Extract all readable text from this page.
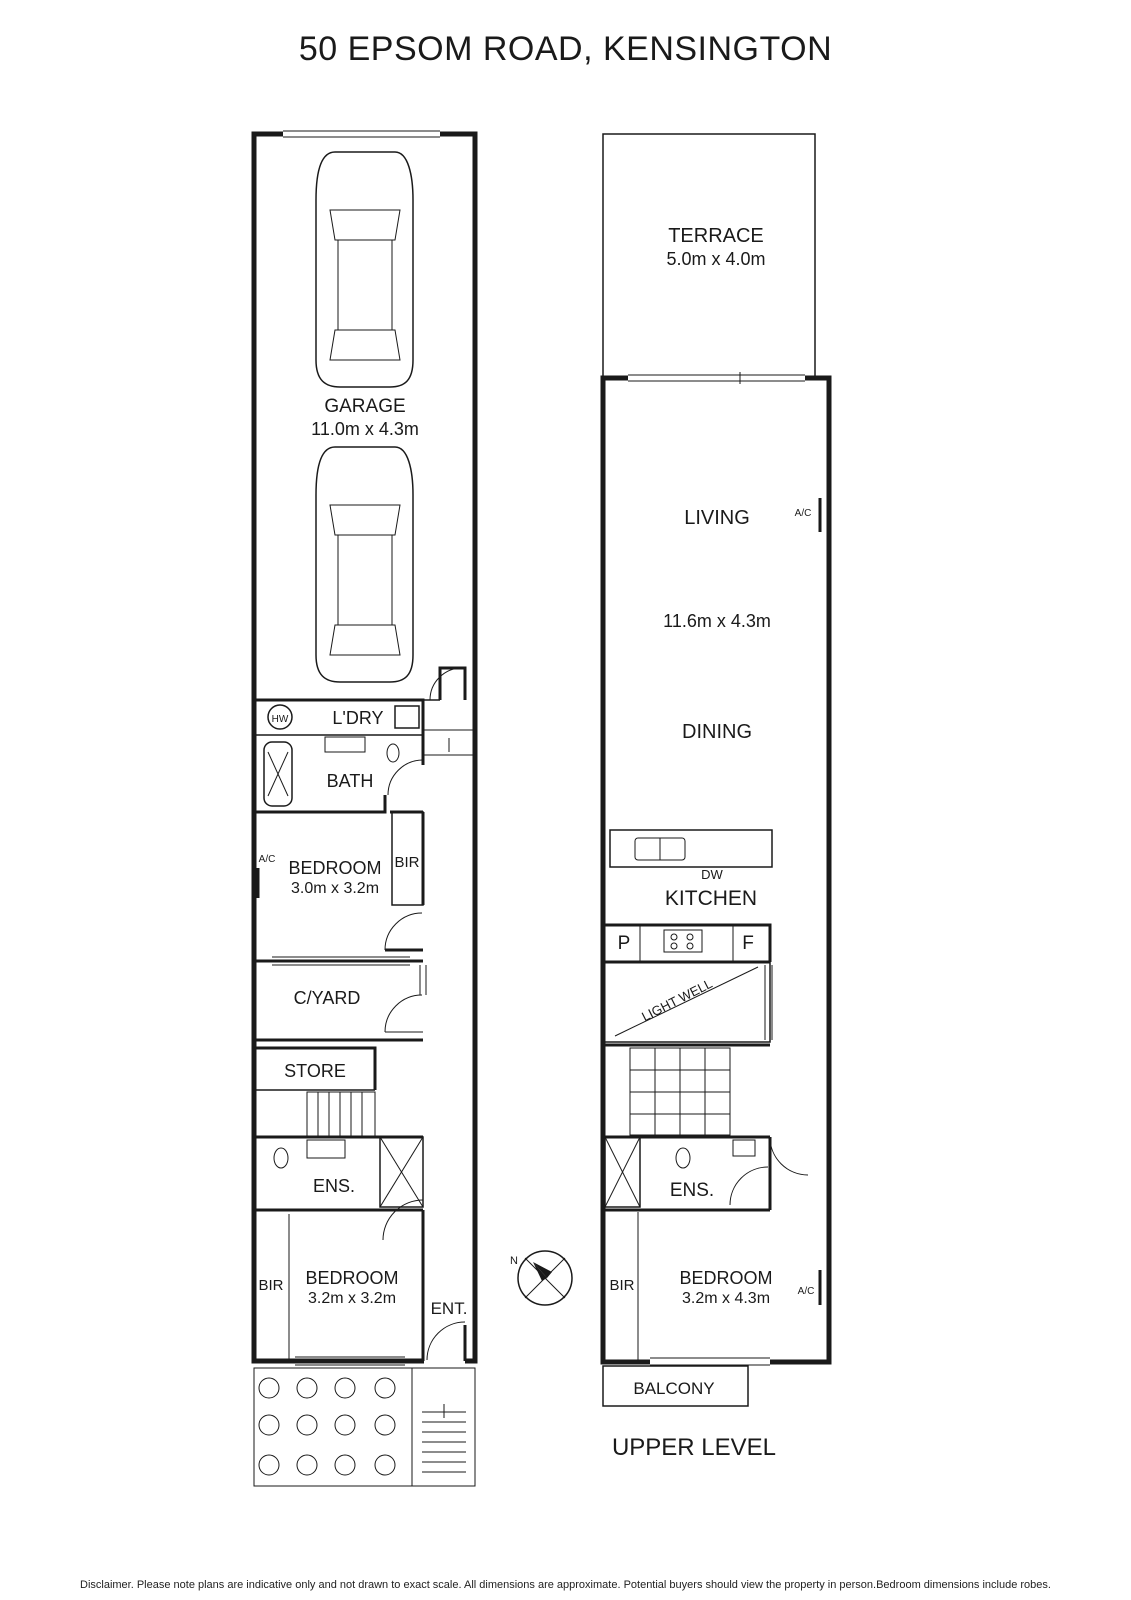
50 EPSOM ROAD, KENSINGTON
GARAGE
11.0m x 4.3m
HW L'DRY
BATH
A/C BEDROOM
3.0m x 3.2m
BIR
C/YARD
STORE
ENS.
BIR BEDROOM
3.2m x 3.2m
ENT.
TERRACE
5.0m x 4.0m
LIVING	A/C
11.6m x 4.3m
DINING
DW
KITCHEN
P	F
LIGHT WELL
ENS.
BIR BEDROOM
3.2m x 4.3m	A/C
BALCONY
UPPER LEVEL
N
Disclaimer. Please note plans are indicative only and not drawn to exact scale. All dimensions are approximate. Potential buyers should view the property in person.Bedroom dimensions include robes.
